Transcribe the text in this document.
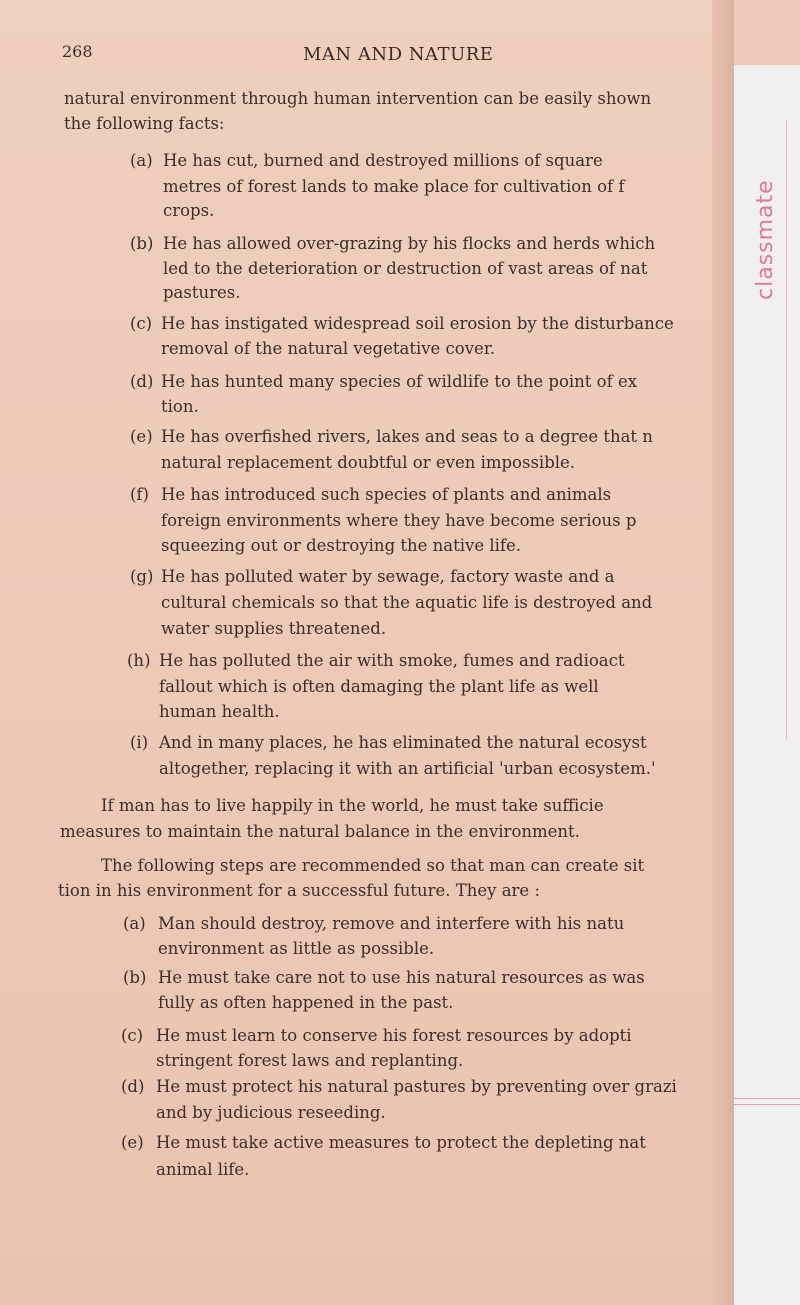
classmate
268	MAN AND NATURE
natural environment through human intervention can be easily shown
the following facts:
(a) He has cut, burned and destroyed millions of square
metres of forest lands to make place for cultivation of f
crops.
(b) He has allowed over-grazing by his flocks and herds which
led to the deterioration or destruction of vast areas of nat
pastures.
(c) He has instigated widespread soil erosion by the disturbance
removal of the natural vegetative cover.
(d) He has hunted many species of wildlife to the point of ex
tion.
(e) He has overfished rivers, lakes and seas to a degree that n
natural replacement doubtful or even impossible.
(f) He has introduced such species of plants and animals
foreign environments where they have become serious p
squeezing out or destroying the native life.
(g) He has polluted water by sewage, factory waste and a
cultural chemicals so that the aquatic life is destroyed and
water supplies threatened.
(h) He has polluted the air with smoke, fumes and radioact
fallout which is often damaging the plant life as well
human health.
(i) And in many places, he has eliminated the natural ecosyst
altogether, replacing it with an artificial 'urban ecosystem.'
If man has to live happily in the world, he must take sufficie
measures to maintain the natural balance in the environment.
The following steps are recommended so that man can create sit
tion in his environment for a successful future. They are :
(a) Man should destroy, remove and interfere with his natu
environment as little as possible.
(b) He must take care not to use his natural resources as was
fully as often happened in the past.
(c) He must learn to conserve his forest resources by adopti
stringent forest laws and replanting.
(d) He must protect his natural pastures by preventing over grazi
and by judicious reseeding.
(e) He must take active measures to protect the depleting nat
animal life.
